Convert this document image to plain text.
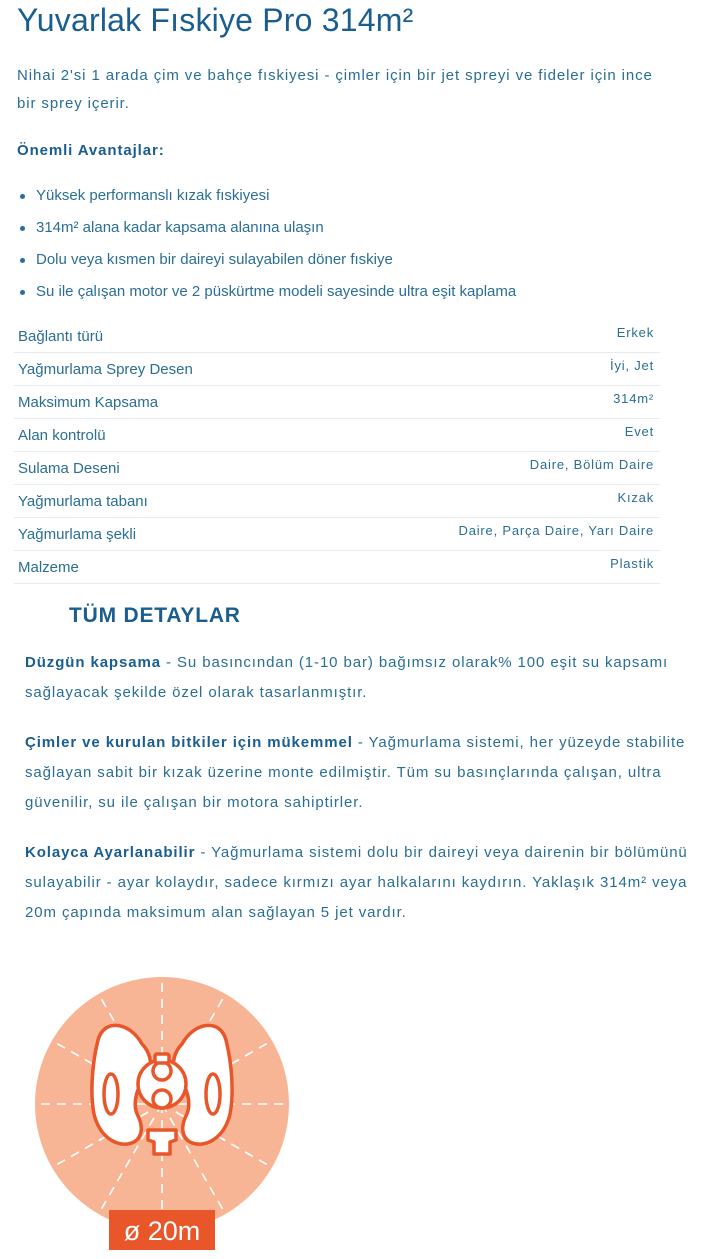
Yuvarlak Fıskiye Pro 314m²

Nihai 2'si 1 arada çim ve bahçe fıskiyesi - çimler için bir jet spreyi ve fideler için ince bir sprey içerir.

Önemli Avantajlar:
Yüksek performanslı kızak fıskiyesi
314m² alana kadar kapsama alanına ulaşın
Dolu veya kısmen bir daireyi sulayabilen döner fıskiye
Su ile çalışan motor ve 2 püskürtme modeli sayesinde ultra eşit kaplama
Bağlantı türü	Erkek
Yağmurlama Sprey Desen	İyi, Jet
Maksimum Kapsama	314m²
Alan kontrolü	Evet
Sulama Deseni	Daire, Bölüm Daire
Yağmurlama tabanı	Kızak
Yağmurlama şekli	Daire, Parça Daire, Yarı Daire
Malzeme	Plastik
TÜM DETAYLAR

Düzgün kapsama - Su basıncından (1-10 bar) bağımsız olarak% 100 eşit su kapsamı sağlayacak şekilde özel olarak tasarlanmıştır.

Çimler ve kurulan bitkiler için mükemmel - Yağmurlama sistemi, her yüzeyde stabilite sağlayan sabit bir kızak üzerine monte edilmiştir. Tüm su basınçlarında çalışan, ultra güvenilir, su ile çalışan bir motora sahiptirler.

Kolayca Ayarlanabilir - Yağmurlama sistemi dolu bir daireyi veya dairenin bir bölümünü sulayabilir - ayar kolaydır, sadece kırmızı ayar halkalarını kaydırın. Yaklaşık 314m² veya 20m çapında maksimum alan sağlayan 5 jet vardır.

ø 20m
